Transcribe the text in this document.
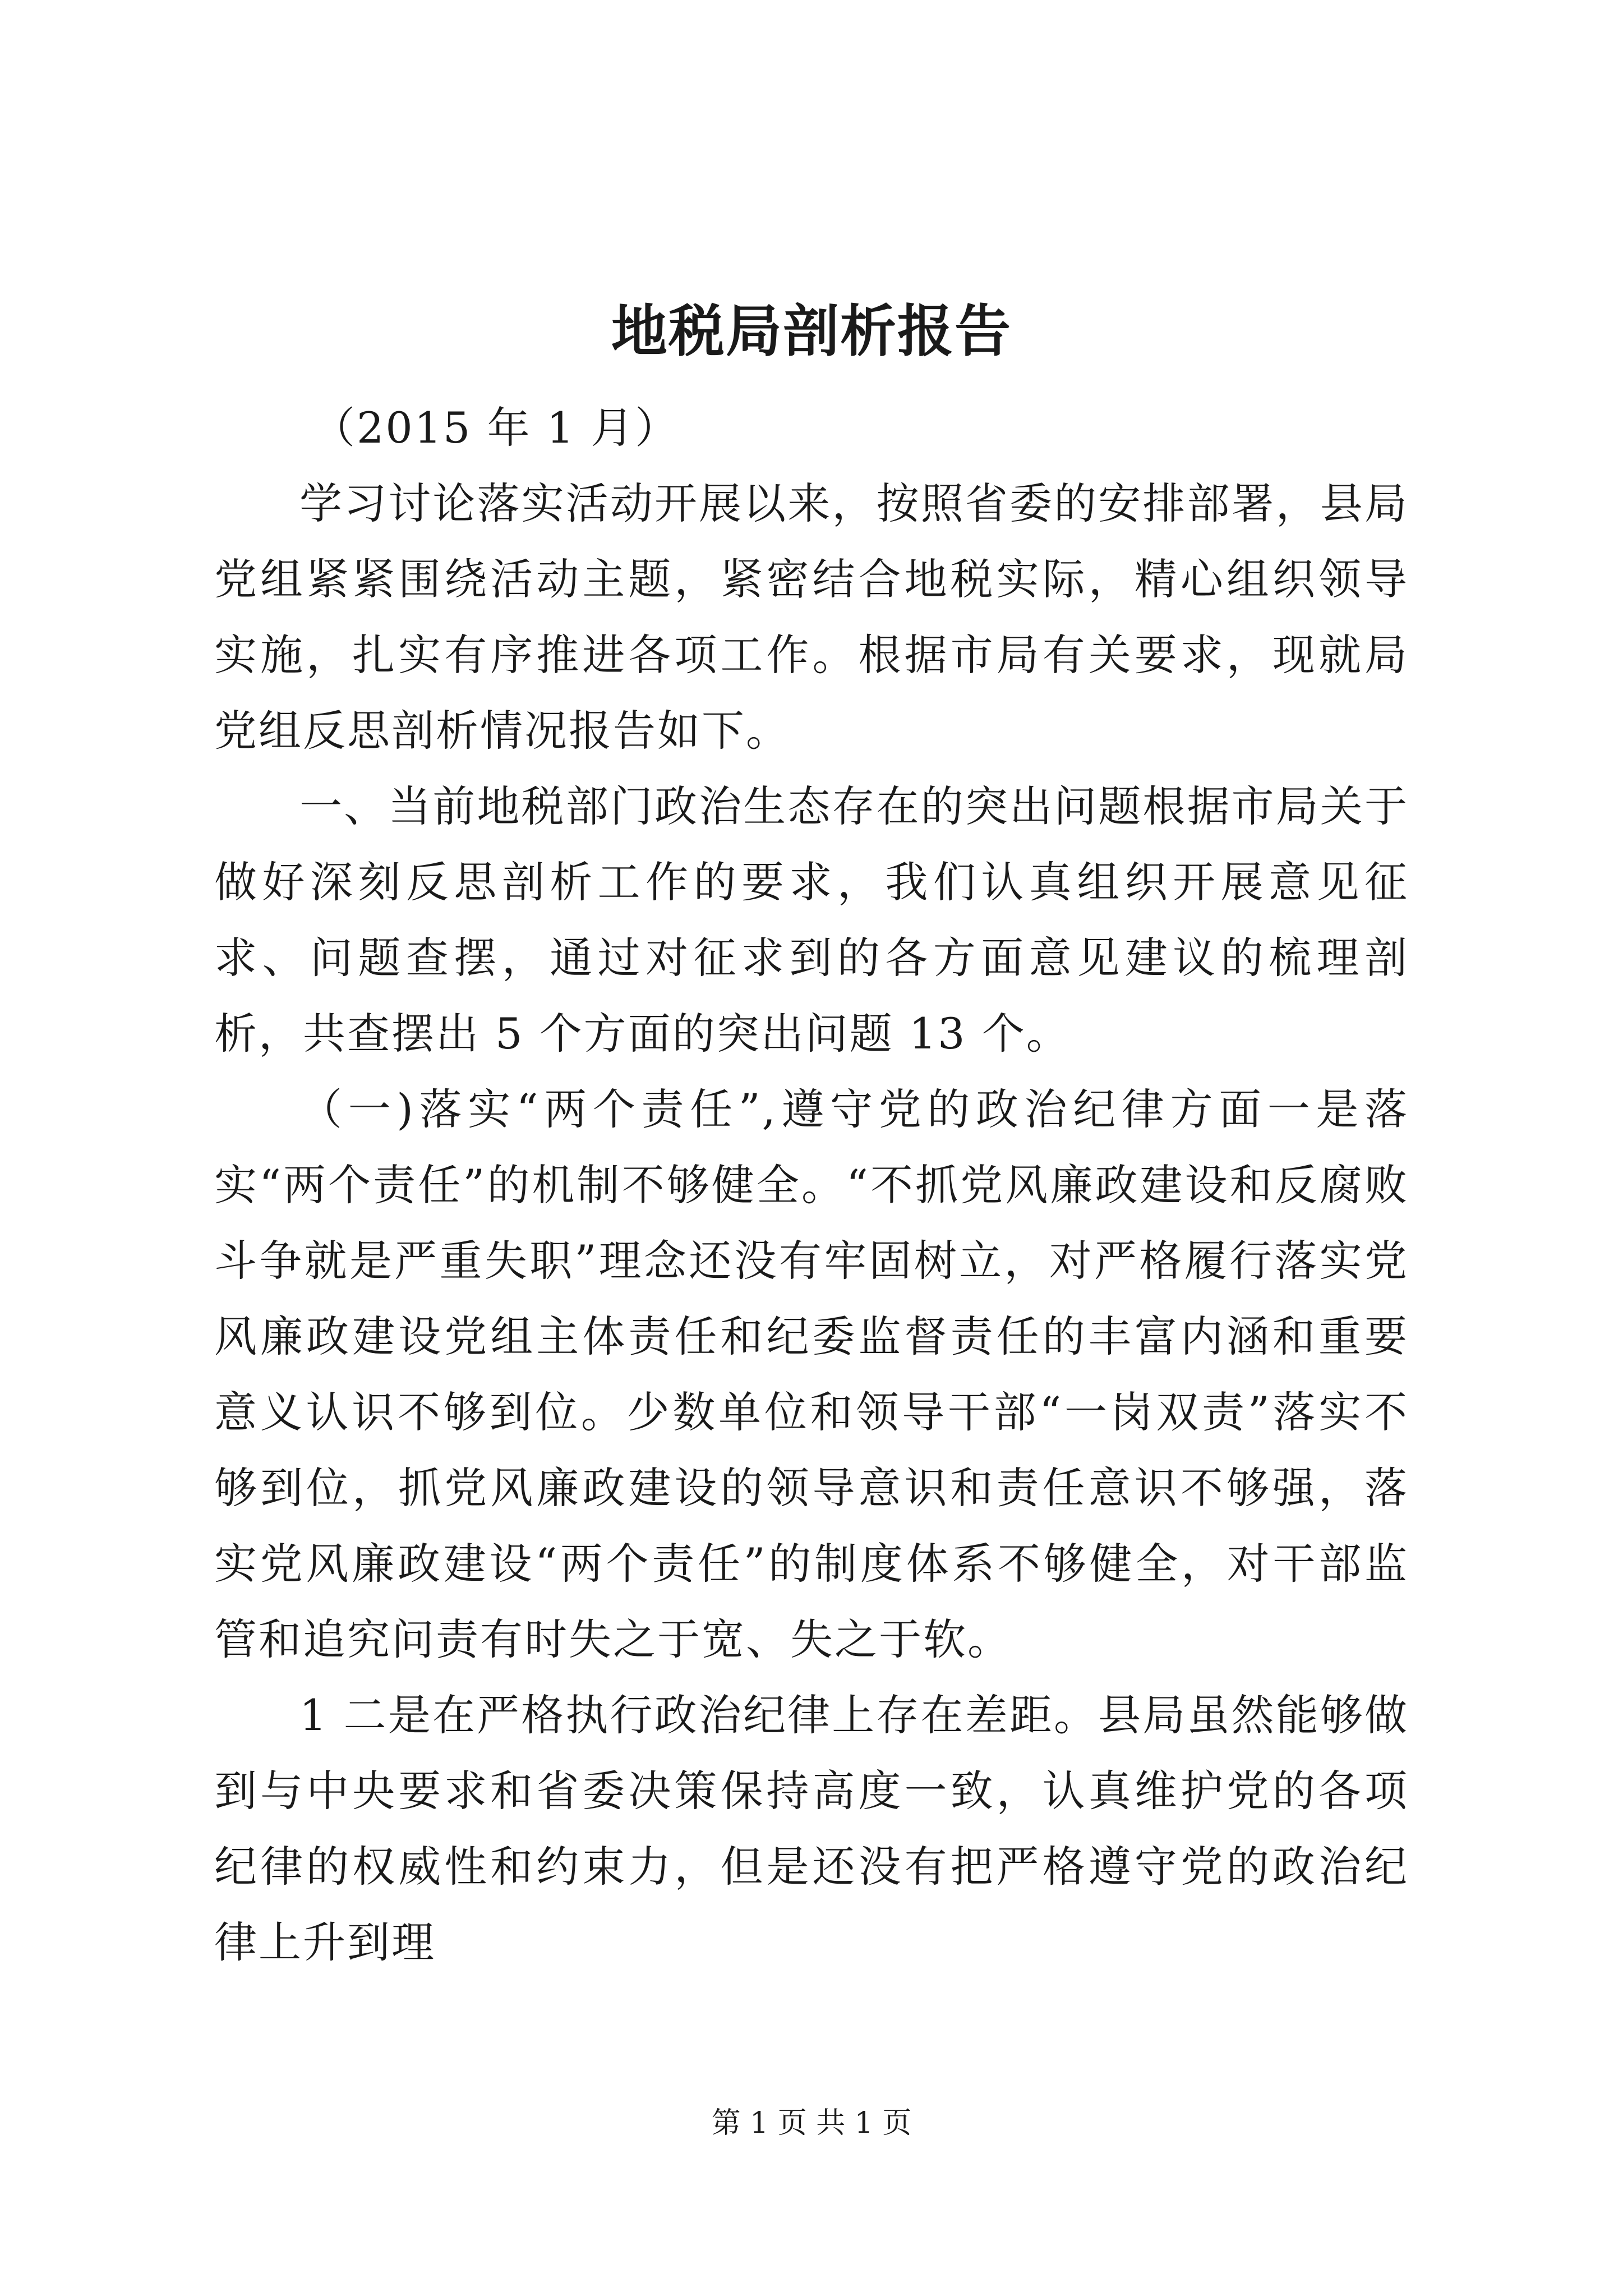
地税局剖析报告

（2015 年 1 月）

学习讨论落实活动开展以来，按照省委的安排部署，县局党组紧紧围绕活动主题，紧密结合地税实际，精心组织领导实施，扎实有序推进各项工作。根据市局有关要求，现就局党组反思剖析情况报告如下。

一、当前地税部门政治生态存在的突出问题根据市局关于做好深刻反思剖析工作的要求，我们认真组织开展意见征求、问题查摆，通过对征求到的各方面意见建议的梳理剖析，共查摆出 5 个方面的突出问题 13 个。

（一)落实“两个责任”,遵守党的政治纪律方面一是落实“两个责任”的机制不够健全。“不抓党风廉政建设和反腐败斗争就是严重失职”理念还没有牢固树立，对严格履行落实党风廉政建设党组主体责任和纪委监督责任的丰富内涵和重要意义认识不够到位。少数单位和领导干部“一岗双责”落实不够到位，抓党风廉政建设的领导意识和责任意识不够强，落实党风廉政建设“两个责任”的制度体系不够健全，对干部监管和追究问责有时失之于宽、失之于软。

1 二是在严格执行政治纪律上存在差距。县局虽然能够做到与中央要求和省委决策保持高度一致，认真维护党的各项纪律的权威性和约束力，但是还没有把严格遵守党的政治纪律上升到理

第 1 页 共 1 页
